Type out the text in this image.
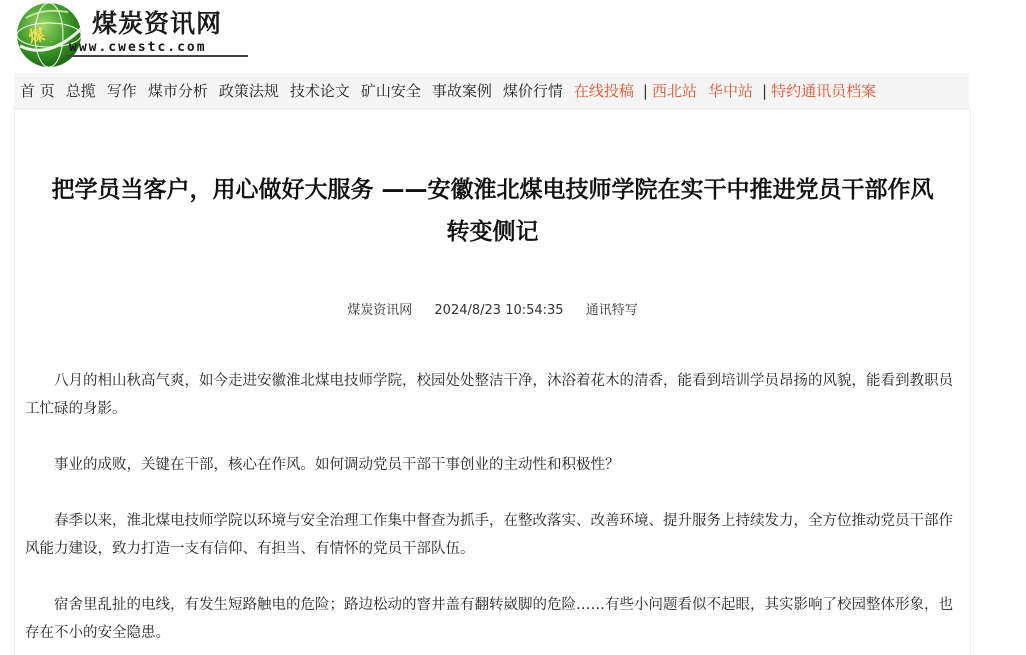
煤	煤炭资讯网
www.cwestc.com
首 页 总揽 写作 煤市分析 政策法规 技术论文 矿山安全 事故案例 煤价行情 在线投稿 | 西北站 华中站 | 特约通讯员档案
把学员当客户，用心做好大服务 ——安徽淮北煤电技师学院在实干中推进党员干部作风
转变侧记
煤炭资讯网 2024/8/23 10:54:35 通讯特写

八月的相山秋高气爽，如今走进安徽淮北煤电技师学院，校园处处整洁干净，沐浴着花木的清香，能看到培训学员昂扬的风貌，能看到教职员工忙碌的身影。

事业的成败，关键在干部，核心在作风。如何调动党员干部干事创业的主动性和积极性？

春季以来，淮北煤电技师学院以环境与安全治理工作集中督查为抓手，在整改落实、改善环境、提升服务上持续发力，全方位推动党员干部作风能力建设，致力打造一支有信仰、有担当、有情怀的党员干部队伍。

宿舍里乱扯的电线，有发生短路触电的危险；路边松动的窨井盖有翻转崴脚的危险……有些小问题看似不起眼，其实影响了校园整体形象，也存在不小的安全隐患。
